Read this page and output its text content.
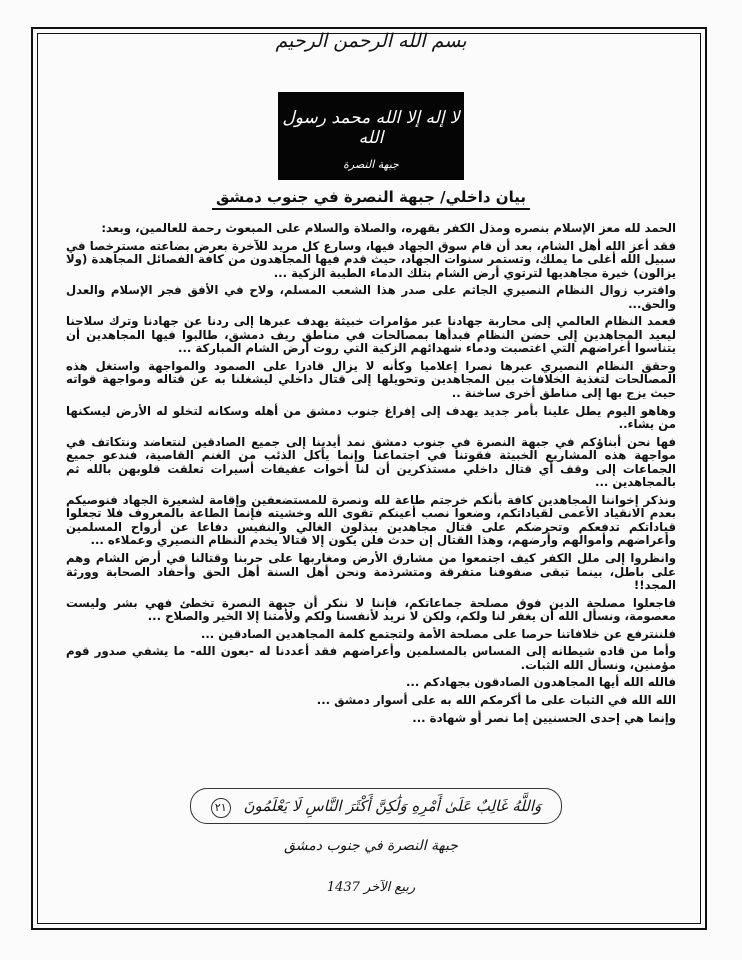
بسم الله الرحمن الرحيم
لا إله إلا الله محمد رسول الله
جبهة النصرة
بيان داخلي/ جبهة النصرة في جنوب دمشق

الحمد لله معز الإسلام بنصره ومذل الكفر بقهره، والصلاة والسلام على المبعوث رحمة للعالمين، وبعد:

فقد أعز الله أهل الشام، بعد أن قام سوق الجهاد فيها، وسارع كل مريد للآخرة بعرض بضاعته مسترخصا في سبيل الله أغلى ما يملك، وتستمر سنوات الجهاد، حيث قدم فيها المجاهدون من كافة الفصائل المجاهدة (ولا يزالون) خيرة مجاهديها لترتوي أرض الشام بتلك الدماء الطيبة الزكية ...

واقترب زوال النظام النصيري الجاثم على صدر هذا الشعب المسلم، ولاح في الأفق فجر الإسلام والعدل والحق...

فعمد النظام العالمي إلى محاربة جهادنا عبر مؤامرات خبيثة يهدف عبرها إلى ردنا عن جهادنا وترك سلاحنا ليعيد المجاهدين إلى حضن النظام فبدأها بمصالحات في مناطق ريف دمشق، طالبوا فيها المجاهدين أن يتناسوا أعراضهم التي اغتصبت ودماء شهدائهم الزكية التي روت أرض الشام المباركة ...

وحقق النظام النصيري عبرها نصرا إعلاميا وكأنه لا يزال قادرا على الصمود والمواجهة واستغل هذه المصالحات لتغذية الخلافات بين المجاهدين وتحويلها إلى قتال داخلي ليشغلنا به عن قتاله ومواجهة قواته حيث يزج بها إلى مناطق أخرى ساخنة ..

وهاهو اليوم يطل علينا بأمر جديد يهدف إلى إفراغ جنوب دمشق من أهله وسكانه لتخلو له الأرض ليسكنها من يشاء..

فها نحن أبناؤكم في جبهة النصرة في جنوب دمشق نمد أيدينا إلى جميع الصادقين لنتعاضد ونتكاتف في مواجهة هذه المشاريع الخبيثة فقوتنا في اجتماعنا وإنما يأكل الذئب من الغنم القاصية، فندعو جميع الجماعات إلى وقف أي قتال داخلي مستذكرين أن لنا أخوات عفيفات أسيرات تعلقت قلوبهن بالله ثم بالمجاهدين ...

ونذكر إخواننا المجاهدين كافة بأنكم خرجتم طاعة لله ونصرة للمستضعفين وإقامة لشعيرة الجهاد فنوصيكم بعدم الانقياد الأعمى لقياداتكم، وضعوا نصب أعينكم تقوى الله وخشيته فإنما الطاعة بالمعروف فلا تجعلوا قياداتكم تدفعكم وتحرضكم على قتال مجاهدين يبذلون الغالي والنفيس دفاعا عن أرواح المسلمين وأعراضهم وأموالهم وأرضهم، وهذا القتال إن حدث فلن يكون إلا قتالا يخدم النظام النصيري وعملاءه ...

وانظروا إلى ملل الكفر كيف اجتمعوا من مشارق الأرض ومغاربها على حربنا وقتالنا في أرض الشام وهم على باطل، بينما تبقى صفوفنا متفرقة ومتشرذمة ونحن أهل السنة أهل الحق وأحفاد الصحابة وورثة المجد!!

فاجعلوا مصلحة الدين فوق مصلحة جماعاتكم، فإننا لا ننكر أن جبهة النصرة تخطئ فهي بشر وليست معصومة، ونسأل الله أن يغفر لنا ولكم، ولكن لا نريد لأنفسنا ولكم ولأمتنا إلا الخير والصلاح ...

فلننترفع عن خلافاتنا حرصا على مصلحة الأمة ولتجتمع كلمة المجاهدين الصادقين ...

وأما من قاده شيطانه إلى المساس بالمسلمين وأعراضهم فقد أعددنا له -بعون الله- ما يشفي صدور قوم مؤمنين، ونسأل الله الثبات.

فالله الله أيها المجاهدون الصادقون بجهادكم ...

الله الله في الثبات على ما أكرمكم الله به على أسوار دمشق ...

وإنما هي إحدى الحسنيين إما نصر أو شهادة ...

وَاللَّهُ غَالِبٌ عَلَىٰ أَمْرِهِ وَلَٰكِنَّ أَكْثَرَ النَّاسِ لَا يَعْلَمُونَ ٢١
جبهة النصرة في جنوب دمشق
ربيع الآخر 1437
